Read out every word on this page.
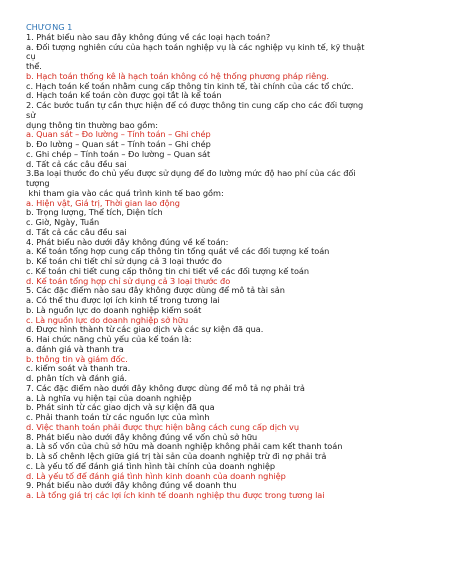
CHƯƠNG 1
1. Phát biểu nào sau đây không đúng về các loại hạch toán?
a. Đối tượng nghiên cứu của hạch toán nghiệp vụ là các nghiệp vụ kinh tế, kỹ thuật
cụ
thể.
b. Hạch toán thống kê là hạch toán không có hệ thống phương pháp riêng.
c. Hạch toán kế toán nhằm cung cấp thông tin kinh tế, tài chính của các tổ chức.
d. Hạch toán kế toán còn được gọi tắt là kế toán
2. Các bước tuần tự cần thực hiện để có được thông tin cung cấp cho các đối tượng
sử
dụng thông tin thường bao gồm:
a. Quan sát – Đo lường – Tính toán – Ghi chép
b. Đo lường – Quan sát – Tính toán – Ghi chép
c. Ghi chép – Tính toán – Đo lường – Quan sát
d. Tất cả các câu đều sai
3.Ba loại thước đo chủ yếu được sử dụng để đo lường mức độ hao phí của các đối
tượng
khi tham gia vào các quá trình kinh tế bao gồm:
a. Hiện vật, Giá trị, Thời gian lao động
b. Trọng lượng, Thể tích, Diện tích
c. Giờ, Ngày, Tuần
d. Tất cả các câu đều sai
4. Phát biểu nào dưới đây không đúng về kế toán:
a. Kế toán tổng hợp cung cấp thông tin tổng quát về các đối tượng kế toán
b. Kế toán chi tiết chỉ sử dụng cả 3 loại thước đo
c. Kế toán chi tiết cung cấp thông tin chi tiết về các đối tượng kế toán
d. Kế toán tổng hợp chỉ sử dụng cả 3 loại thước đo
5. Các đặc điểm nào sau đây không được dùng để mô tả tài sản
a. Có thể thu được lợi ích kinh tế trong tương lai
b. Là nguồn lực do doanh nghiệp kiểm soát
c. Là nguồn lực do doanh nghiệp sở hữu
d. Được hình thành từ các giao dịch và các sự kiện đã qua.
6. Hai chức năng chủ yếu của kế toán là:
a. đánh giá và thanh tra
b. thông tin và giám đốc.
c. kiểm soát và thanh tra.
d. phân tích và đánh giá.
7. Các đặc điểm nào dưới đây không được dùng để mô tả nợ phải trả
a. Là nghĩa vụ hiện tại của doanh nghiệp
b. Phát sinh từ các giao dịch và sự kiện đã qua
c. Phải thanh toán từ các nguồn lực của mình
d. Việc thanh toán phải được thực hiện bằng cách cung cấp dịch vụ
8. Phát biểu nào dưới đây không đúng về vốn chủ sở hữu
a. Là số vốn của chủ sở hữu mà doanh nghiệp không phải cam kết thanh toán
b. Là số chênh lệch giữa giá trị tài sản của doanh nghiệp trừ đi nợ phải trả
c. Là yếu tố để đánh giá tình hình tài chính của doanh nghiệp
d. Là yếu tố để đánh giá tình hình kinh doanh của doanh nghiệp
9. Phát biểu nào dưới đây không đúng về doanh thu
a. Là tổng giá trị các lợi ích kinh tế doanh nghiệp thu được trong tương lai
